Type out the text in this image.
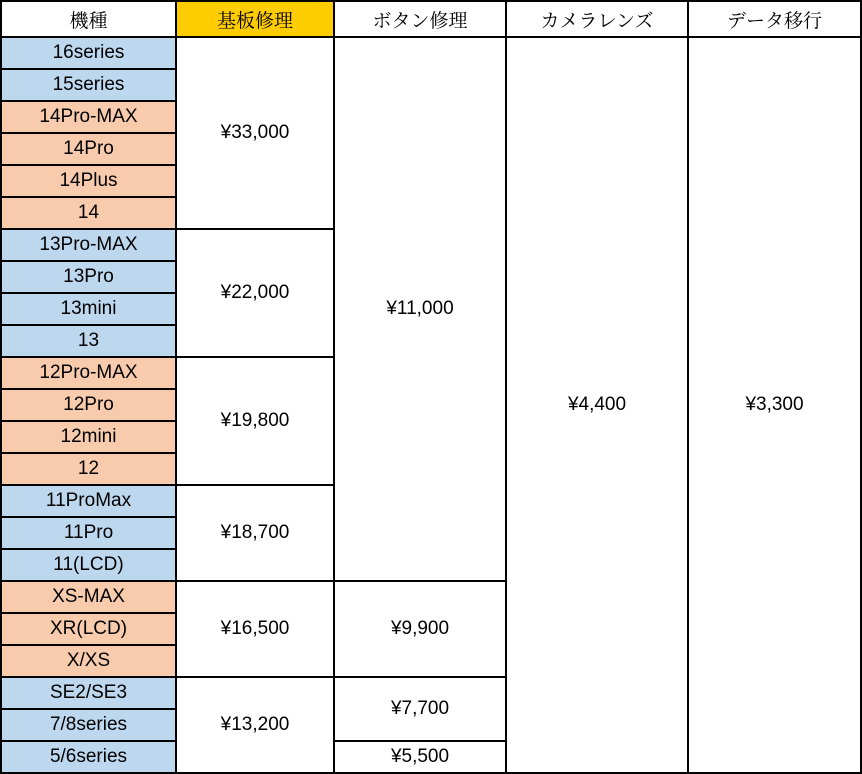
機種	基板修理	ボタン修理	カメラレンズ	データ移行
16series	¥33,000	¥11,000	¥4,400	¥3,300
15series				
14Pro-MAX				
14Pro				
14Plus				
14				
13Pro-MAX	¥22,000			
13Pro				
13mini				
13				
12Pro-MAX	¥19,800			
12Pro				
12mini				
12				
11ProMax	¥18,700			
11Pro				
11(LCD)				
XS-MAX	¥16,500	¥9,900		
XR(LCD)				
X/XS				
SE2/SE3	¥13,200	¥7,700		
7/8series				
5/6series		¥5,500		
